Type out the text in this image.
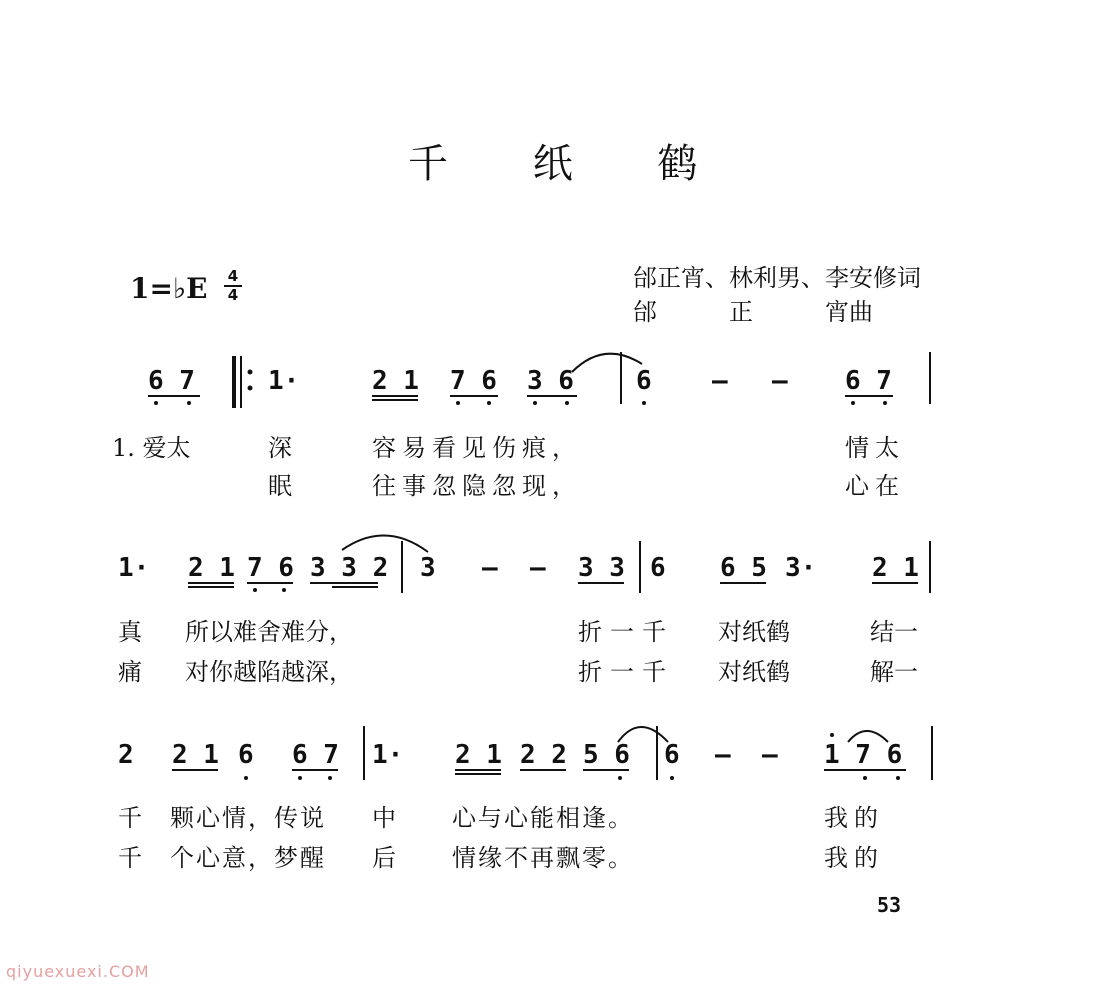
千 纸 鹤
1=♭E	4
4
邰正宵、林利男、李安修词
邰　　　正　　　宵曲
6 7	1·	2 1 7 6 3 6 6 – – 6 7
1. 爱太	深	容易看见伤痕，	情太
眠	往事忽隐忽现，	心在
1· 2 1 7 6 3 3 2 3 – – 3 3 6 6 5 3· 2 1
真 所以难舍难分，	折一千 对纸鹤	结一
痛 对你越陷越深，	折一千 对纸鹤	解一
2 2 1 6 6 7 1· 2 1 2 2 5 6 6 – – 1 7 6
千 颗心情，传说 中 心与心能相逢。	我的
千 个心意，梦醒 后 情缘不再飘零。	我的
53
qiyuexuexi.COM
